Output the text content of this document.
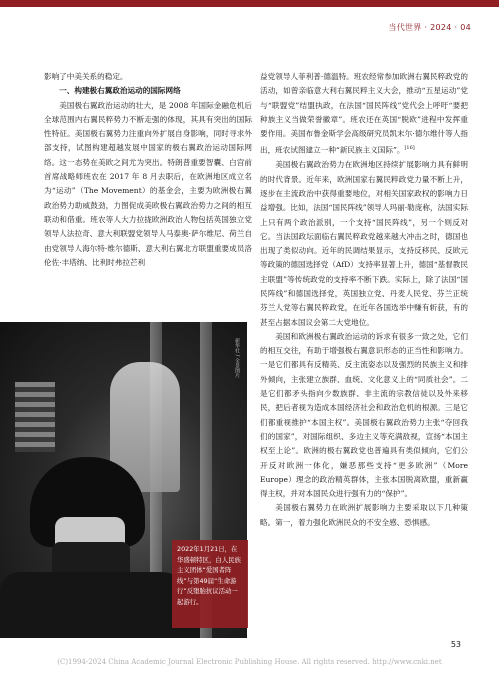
当代世界 · 2024 · 04

影响了中美关系的稳定。

一、构建极右翼政治运动的国际网络

美国极右翼政治运动的壮大，是 2008 年国际金融危机后全球范围内右翼民粹势力不断走强的体现，其具有突出的国际性特征。美国极右翼势力注重向外扩展自身影响，同时寻求外部支持，试图构建超越发展中国家的极右翼政治运动国际网络。这一态势在美欧之间尤为突出。特朗普重要智囊、白宫前首席战略师班农在 2017 年 8 月去职后，在欧洲地区成立名为“运动”（The Movement）的基金会，主要为欧洲极右翼政治势力助威鼓劲，力图促成美欧极右翼政治势力之间的相互联动和借重。班农等人大力拉拢欧洲政治人物包括英国独立党领导人法拉奇、意大利联盟党领导人马泰奥·萨尔维尼、荷兰自由党领导人海尔特·维尔德斯、意大利右翼北方联盟重要成员洛伦佐·丰塔纳、比利时弗拉芒利

益党领导人菲利普·德温特。班农经常参加欧洲右翼民粹政党的活动，如曾亲临意大利右翼民粹主义大会，推动“五星运动”党与“联盟党”结盟执政，在法国“国民阵线”党代会上呼吁“要把种族主义当做荣誉徽章”。班农还在英国“脱欧”进程中发挥重要作用。美国布鲁金斯学会高级研究员凯末尔·德尔维什等人指出，班农试图建立一种“新民族主义国际”。[16]

美国极右翼政治势力在欧洲地区持续扩展影响力具有鲜明的时代背景。近年来，欧洲国家右翼民粹政党力量不断上升，逐步在主流政治中获得重要地位，对相关国家政权的影响力日益增强。比如，法国“国民阵线”领导人玛丽·勒庞称，法国实际上只有两个政治派别，一个支持“国民阵线”，另一个则反对它。当法国政坛面临右翼民粹政党越来越大冲击之时，德国也出现了类似动向。近年的民调结果显示，支持反移民、反欧元等政策的德国选择党（AfD）支持率显著上升，德国“基督教民主联盟”等传统政党的支持率不断下跌。实际上，除了法国“国民阵线”和德国选择党，英国独立党、丹麦人民党、芬兰正统芬兰人党等右翼民粹政党，在近年各国选举中赚有斩获，有的甚至占据本国议会第二大党地位。

美国和欧洲极右翼政治运动的诉求有很多一致之处，它们的相互交往，有助于增强极右翼意识形态的正当性和影响力。一是它们都具有反精英、反主流姿态以及强烈的民族主义和排外倾向，主张建立族群、血统、文化意义上的“同质社会”。二是它们都矛头指向少数族群、非主流的宗教信徒以及外来移民，把后者视为造成本国经济社会和政治危机的根源。三是它们都重视推护“本国主权”。美国极右翼政治势力主张“夺回我们的国家”，对国际组织、多边主义等充满敌视，宣扬“本国主权至上论”。欧洲的极右翼政党也普遍具有类似倾向，它们公开反对欧洲一体化，嫌恶那些支持“更多欧洲”（More Europe）理念的政治精英群体，主张本国脱离欧盟，重新赢得主权，并对本国民众进行强有力的“保护”。

美国极右翼势力在欧洲扩展影响力主要采取以下几种策略。第一，着力强化欧洲民众的不安全感、恐惧感。

新华社 / 全景图片
2022年1月21日，在华盛顿特区，白人民族主义团体“爱国者阵线”与第49届“生命游行”反堕胎抗议活动一起游行。
53
(C)1994-2024 China Academic Journal Electronic Publishing House. All rights reserved. http://www.cnki.net
